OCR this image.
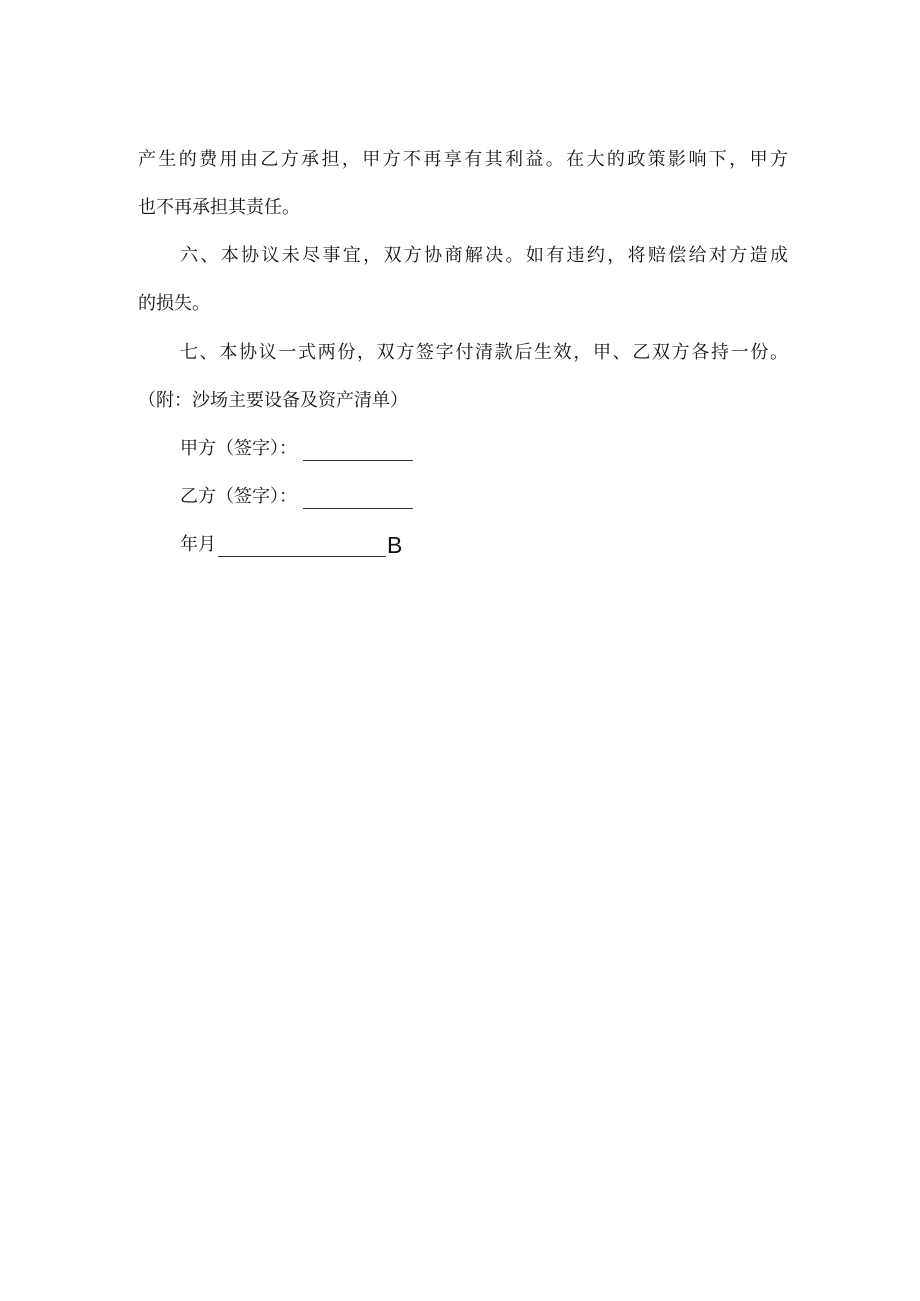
产生的费用由乙方承担，甲方不再享有其利益。在大的政策影响下，甲方
也不再承担其责任。
六、本协议未尽事宜，双方协商解决。如有违约，将赔偿给对方造成
的损失。
七、本协议一式两份，双方签字付清款后生效，甲、乙双方各持一份。
（附：沙场主要设备及资产清单）
甲方（签字）：
乙方（签字）：
年月	B
